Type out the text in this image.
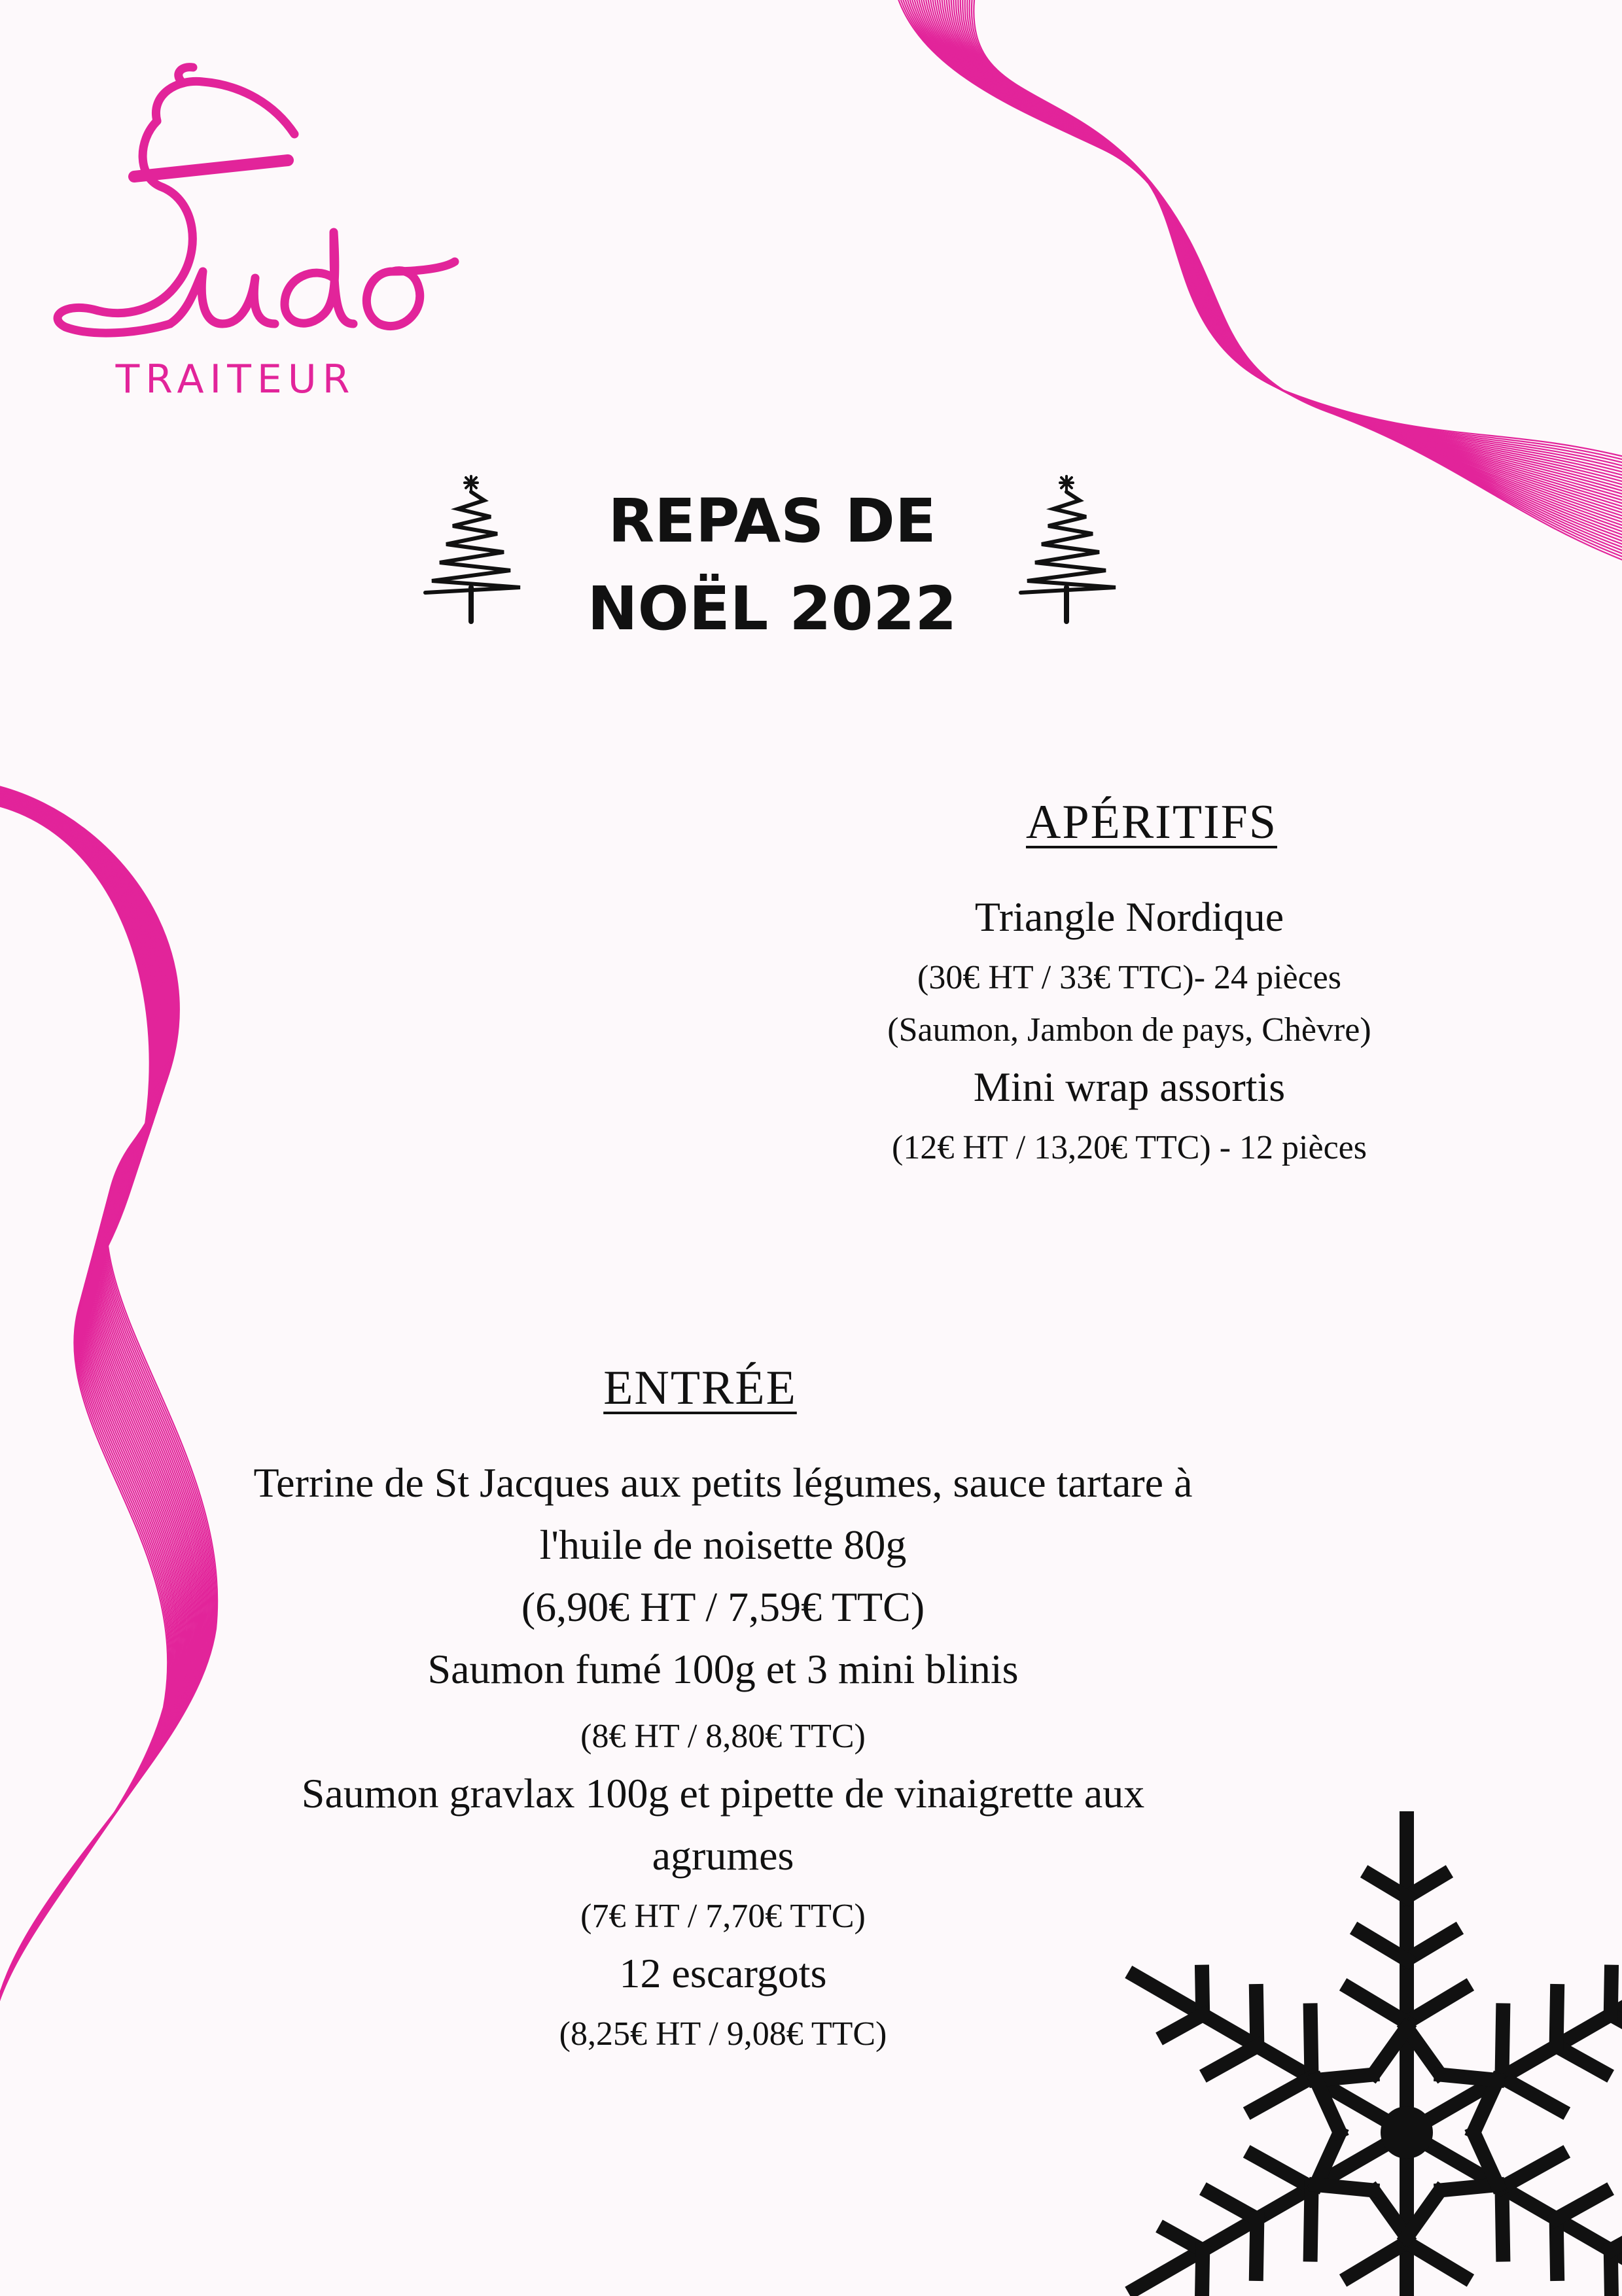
TRAITEUR
REPAS DE
NOËL 2022
APÉRITIFS
Triangle Nordique
(30€ HT / 33€ TTC)- 24 pièces
(Saumon, Jambon de pays, Chèvre)
Mini wrap assortis
(12€ HT / 13,20€ TTC) - 12 pièces
ENTRÉE
Terrine de St Jacques aux petits légumes, sauce tartare à
l'huile de noisette 80g
(6,90€ HT / 7,59€ TTC)
Saumon fumé 100g et 3 mini blinis
(8€ HT / 8,80€ TTC)
Saumon gravlax 100g et pipette de vinaigrette aux
agrumes
(7€ HT / 7,70€ TTC)
12 escargots
(8,25€ HT / 9,08€ TTC)
